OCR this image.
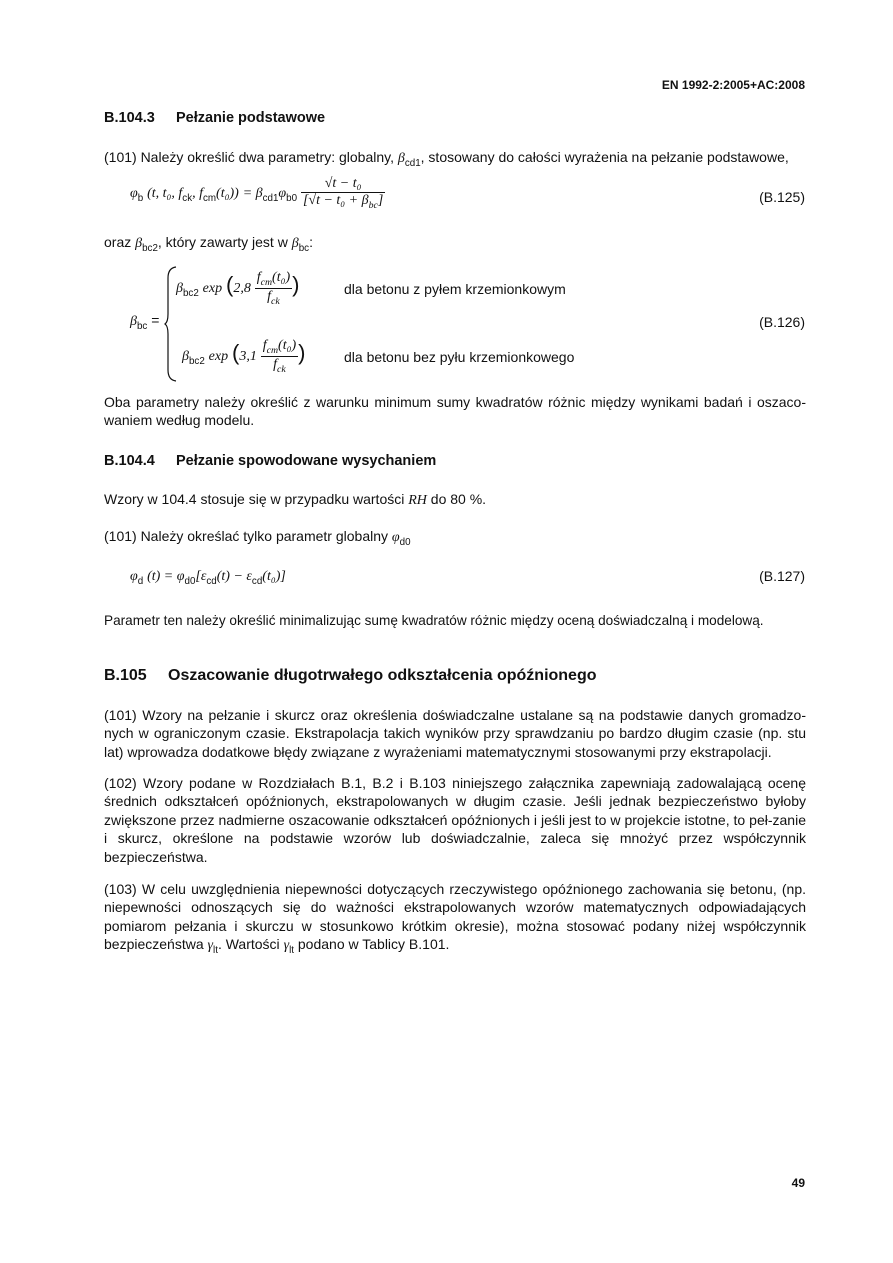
EN 1992-2:2005+AC:2008
B.104.3 Pełzanie podstawowe
(101) Należy określić dwa parametry: globalny, $\beta_{cd1}$, stosowany do całości wyrażenia na pełzanie podstawowe,
$\varphi_b$ (t, t₀, $f_{ck}$, $f_{cm}(t_0)) = \beta_{cd1}\varphi_{b0} \frac{\text{√t − t₀}}{[√t - t_0 + \beta_{bc}]}$	(B.125)
oraz $\beta_{bc2}$, który zawarty jest w $\beta_{bc}$:
$\beta_{bc}$ =
$\beta_{bc2}$ $\exp (2,8 \frac{f_{cm}(t_0)}{f_{ck}}$ )	dla betonu z pyłem krzemionkowym
$\beta_{bc2}$ $\exp (3,1 \frac{f_{cm}(t_0)}{f_{ck}}$ )	dla betonu bez pyłu krzemionkowego
(B.126)
Oba parametry należy określić z warunku minimum sumy kwadratów różnic między wynikami badań i oszaco-waniem według modelu.
B.104.4 Pełzanie spowodowane wysychaniem
Wzory w 104.4 stosuje się w przypadku wartości RH do 80 %.
(101) Należy określać tylko parametr globalny $\varphi_{d0}$
$\varphi_d$ $(t) = \varphi_{d0}[\varepsilon_{cd}(t) - \varepsilon_{cd}(t_0)]$	(B.127)
Parametr ten należy określić minimalizując sumę kwadratów różnic między oceną doświadczalną i modelową.
B.105 Oszacowanie długotrwałego odkształcenia opóźnionego
(101) Wzory na pełzanie i skurcz oraz określenia doświadczalne ustalane są na podstawie danych gromadzo-nych w ograniczonym czasie. Ekstrapolacja takich wyników przy sprawdzaniu po bardzo długim czasie (np. stu lat) wprowadza dodatkowe błędy związane z wyrażeniami matematycznymi stosowanymi przy ekstrapolacji.
(102) Wzory podane w Rozdziałach B.1, B.2 i B.103 niniejszego załącznika zapewniają zadowalającą ocenę średnich odkształceń opóźnionych, ekstrapolowanych w długim czasie. Jeśli jednak bezpieczeństwo byłoby zwiększone przez nadmierne oszacowanie odkształceń opóźnionych i jeśli jest to w projekcie istotne, to peł-zanie i skurcz, określone na podstawie wzorów lub doświadczalnie, zaleca się mnożyć przez współczynnik bezpieczeństwa.
(103) W celu uwzględnienia niepewności dotyczących rzeczywistego opóźnionego zachowania się betonu, (np. niepewności odnoszących się do ważności ekstrapolowanych wzorów matematycznych odpowiadających pomiarom pełzania i skurczu w stosunkowo krótkim okresie), można stosować podany niżej współczynnik bezpieczeństwa $\gamma_{lt}$. Wartości $\gamma_{lt}$ podano w Tablicy B.101.
49
